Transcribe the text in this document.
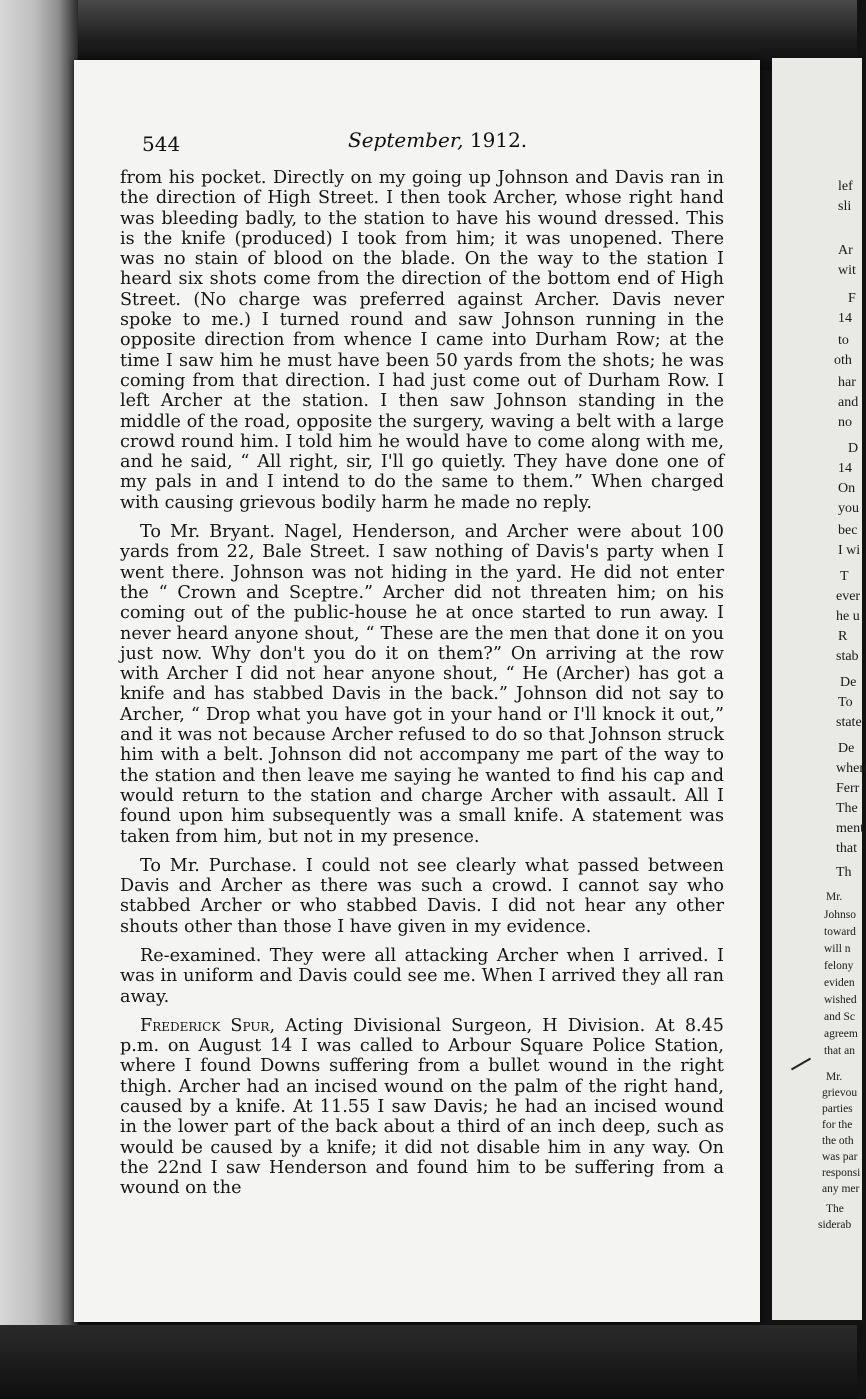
544	September, 1912.

from his pocket. Directly on my going up Johnson and Davis ran in the direction of High Street. I then took Archer, whose right hand was bleeding badly, to the station to have his wound dressed. This is the knife (produced) I took from him; it was unopened. There was no stain of blood on the blade. On the way to the station I heard six shots come from the direction of the bottom end of High Street. (No charge was preferred against Archer. Davis never spoke to me.) I turned round and saw Johnson running in the opposite direction from whence I came into Durham Row; at the time I saw him he must have been 50 yards from the shots; he was coming from that direction. I had just come out of Durham Row. I left Archer at the station. I then saw Johnson standing in the middle of the road, opposite the surgery, waving a belt with a large crowd round him. I told him he would have to come along with me, and he said, “ All right, sir, I'll go quietly. They have done one of my pals in and I intend to do the same to them.” When charged with causing grievous bodily harm he made no reply.

To Mr. Bryant. Nagel, Henderson, and Archer were about 100 yards from 22, Bale Street. I saw nothing of Davis's party when I went there. Johnson was not hiding in the yard. He did not enter the “ Crown and Sceptre.” Archer did not threaten him; on his coming out of the public-house he at once started to run away. I never heard anyone shout, “ These are the men that done it on you just now. Why don't you do it on them?” On arriving at the row with Archer I did not hear anyone shout, “ He (Archer) has got a knife and has stabbed Davis in the back.” Johnson did not say to Archer, “ Drop what you have got in your hand or I'll knock it out,” and it was not because Archer refused to do so that Johnson struck him with a belt. Johnson did not accompany me part of the way to the station and then leave me saying he wanted to find his cap and would return to the station and charge Archer with assault. All I found upon him subsequently was a small knife. A statement was taken from him, but not in my presence.

To Mr. Purchase. I could not see clearly what passed between Davis and Archer as there was such a crowd. I cannot say who stabbed Archer or who stabbed Davis. I did not hear any other shouts other than those I have given in my evidence.

Re-examined. They were all attacking Archer when I arrived. I was in uniform and Davis could see me. When I arrived they all ran away.

Frederick Spur, Acting Divisional Surgeon, H Division. At 8.45 p.m. on August 14 I was called to Arbour Square Police Station, where I found Downs suffering from a bullet wound in the right thigh. Archer had an incised wound on the palm of the right hand, caused by a knife. At 11.55 I saw Davis; he had an incised wound in the lower part of the back about a third of an inch deep, such as would be caused by a knife; it did not disable him in any way. On the 22nd I saw Henderson and found him to be suffering from a wound on the

lef
sli
Ar
wit
F
14
to
oth
har
and
no
D
14
On
you
bec
I wi
T
ever
he u
R
stab
De
To
state
De
when
Ferr
The
ment
that
Th
Mr.
Johnso
toward
will n
felony
eviden
wished
and Sc
agreem
that an
Mr.
grievou
parties
for the
the oth
was par
responsi
any mer
The
siderab
